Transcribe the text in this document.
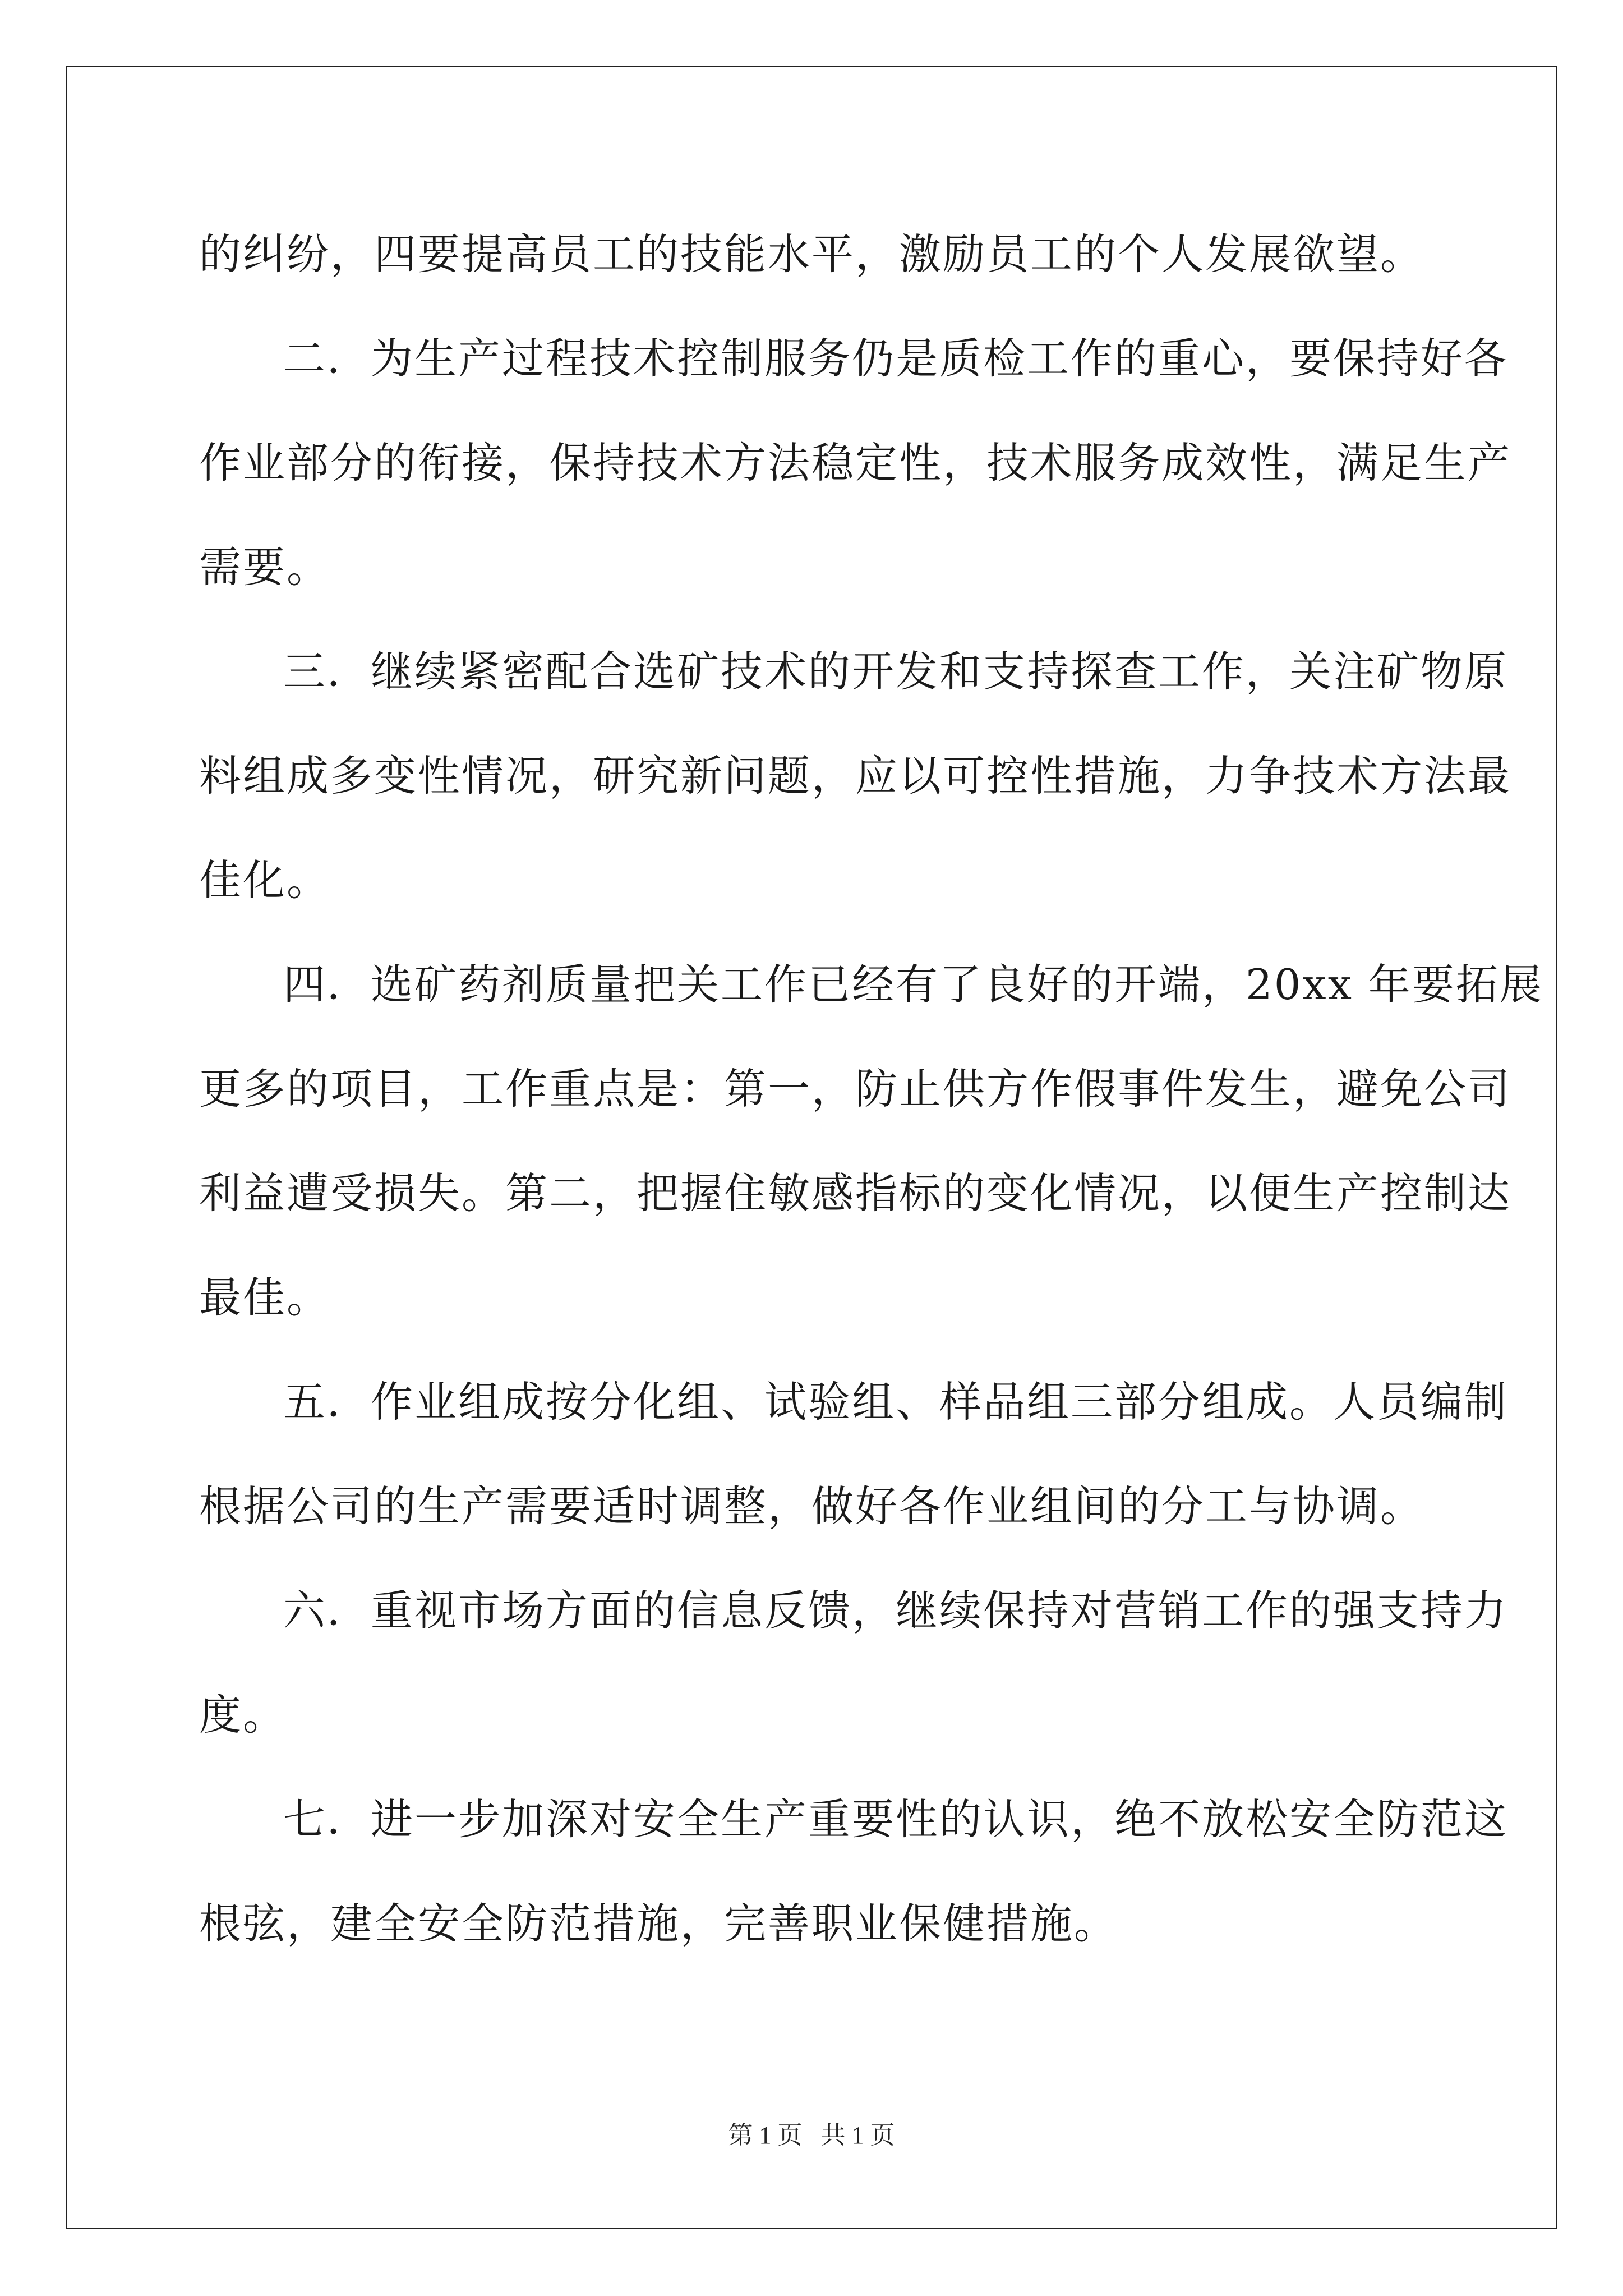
的纠纷，四要提高员工的技能水平，激励员工的个人发展欲望。

二．为生产过程技术控制服务仍是质检工作的重心，要保持好各
作业部分的衔接，保持技术方法稳定性，技术服务成效性，满足生产
需要。

三．继续紧密配合选矿技术的开发和支持探查工作，关注矿物原
料组成多变性情况，研究新问题，应以可控性措施，力争技术方法最
佳化。

四．选矿药剂质量把关工作已经有了良好的开端，20xx 年要拓展
更多的项目，工作重点是：第一，防止供方作假事件发生，避免公司
利益遭受损失。第二，把握住敏感指标的变化情况，以便生产控制达
最佳。

五．作业组成按分化组、试验组、样品组三部分组成。人员编制
根据公司的生产需要适时调整，做好各作业组间的分工与协调。

六．重视市场方面的信息反馈，继续保持对营销工作的强支持力
度。

七．进一步加深对安全生产重要性的认识，绝不放松安全防范这
根弦，建全安全防范措施，完善职业保健措施。

第 1 页   共 1 页
